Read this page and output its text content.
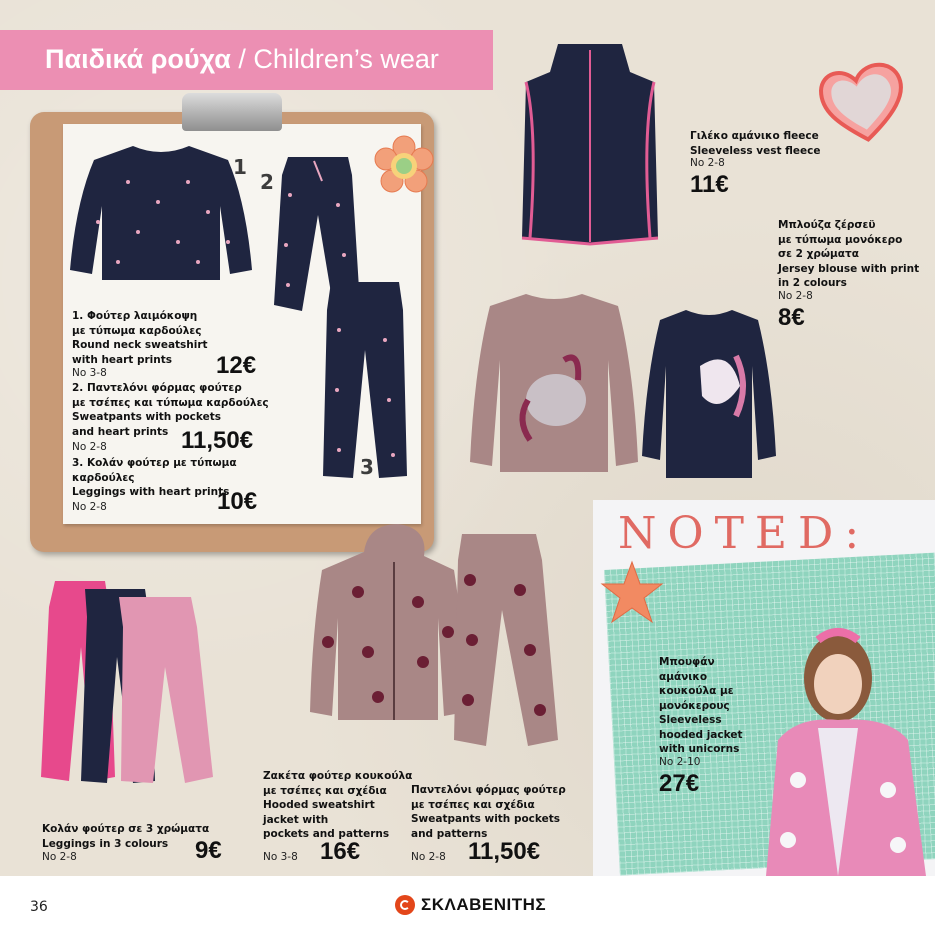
Παιδικά ρούχα / Children’s wear
1
2
3
1. Φούτερ λαιμόκοψη
με τύπωμα καρδούλες
Round neck sweatshirt
with heart prints
Νο 3-8	12€
2. Παντελόνι φόρμας φούτερ
με τσέπες και τύπωμα καρδούλες
Sweatpants with pockets
and heart prints
Νο 2-8	11,50€
3. Κολάν φούτερ με τύπωμα
καρδούλες
Leggings with heart prints
Νο 2-8	10€
Γιλέκο αμάνικο fleece
Sleeveless vest fleece
Νο 2-8
11€
Μπλούζα ζέρσεϋ
με τύπωμα μονόκερο
σε 2 χρώματα
Jersey blouse with print
in 2 colours
Νο 2-8
8€
Κολάν φούτερ σε 3 χρώματα
Leggings in 3 colours
Νο 2-8	9€
Ζακέτα φούτερ κουκούλα
με τσέπες και σχέδια
Hooded sweatshirt
jacket with
pockets and patterns
Νο 3-8 16€
Παντελόνι φόρμας φούτερ
με τσέπες και σχέδια
Sweatpants with pockets
and patterns
Νο 2-8 11,50€
NOTED:
Μπουφάν
αμάνικο
κουκούλα με
μονόκερους
Sleeveless
hooded jacket
with unicorns
Νο 2-10
27€
36	ΣΚΛΑΒΕΝΙΤΗΣ
